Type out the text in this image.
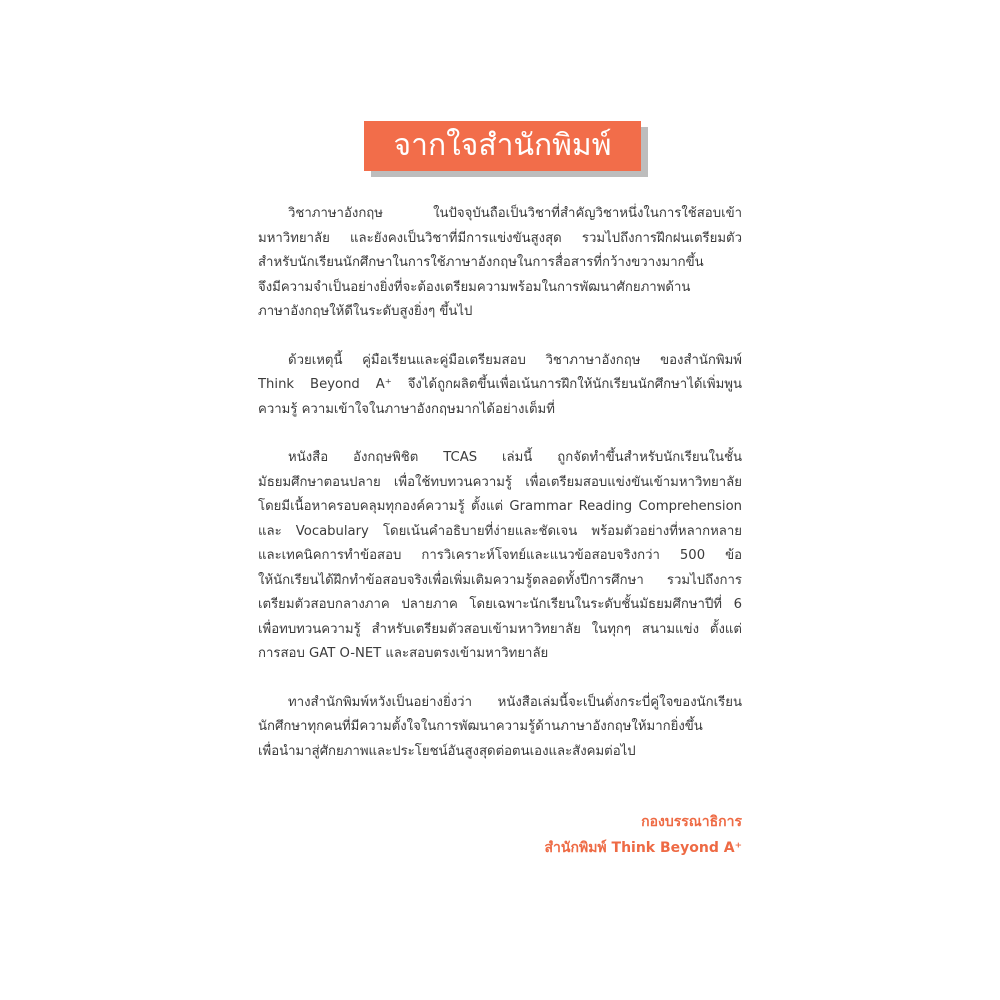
จากใจสำนักพิมพ์

วิชาภาษาอังกฤษ ในปัจจุบันถือเป็นวิชาที่สำคัญวิชาหนึ่งในการใช้สอบเข้า

มหาวิทยาลัย และยังคงเป็นวิชาที่มีการแข่งขันสูงสุด รวมไปถึงการฝึกฝนเตรียมตัว

สำหรับนักเรียนนักศึกษาในการใช้ภาษาอังกฤษในการสื่อสารที่กว้างขวางมากขึ้น

จึงมีความจำเป็นอย่างยิ่งที่จะต้องเตรียมความพร้อมในการพัฒนาศักยภาพด้าน

ภาษาอังกฤษให้ดีในระดับสูงยิ่งๆ ขึ้นไป

ด้วยเหตุนี้ คู่มือเรียนและคู่มือเตรียมสอบ วิชาภาษาอังกฤษ ของสำนักพิมพ์

Think Beyond A⁺ จึงได้ถูกผลิตขึ้นเพื่อเน้นการฝึกให้นักเรียนนักศึกษาได้เพิ่มพูน

ความรู้ ความเข้าใจในภาษาอังกฤษมากได้อย่างเต็มที่

หนังสือ อังกฤษพิชิต TCAS เล่มนี้ ถูกจัดทำขึ้นสำหรับนักเรียนในชั้น

มัธยมศึกษาตอนปลาย เพื่อใช้ทบทวนความรู้ เพื่อเตรียมสอบแข่งขันเข้ามหาวิทยาลัย

โดยมีเนื้อหาครอบคลุมทุกองค์ความรู้ ตั้งแต่ Grammar Reading Comprehension

และ Vocabulary โดยเน้นคำอธิบายที่ง่ายและชัดเจน พร้อมตัวอย่างที่หลากหลาย

และเทคนิคการทำข้อสอบ การวิเคราะห์โจทย์และแนวข้อสอบจริงกว่า 500 ข้อ

ให้นักเรียนได้ฝึกทำข้อสอบจริงเพื่อเพิ่มเติมความรู้ตลอดทั้งปีการศึกษา รวมไปถึงการ

เตรียมตัวสอบกลางภาค ปลายภาค โดยเฉพาะนักเรียนในระดับชั้นมัธยมศึกษาปีที่ 6

เพื่อทบทวนความรู้ สำหรับเตรียมตัวสอบเข้ามหาวิทยาลัย ในทุกๆ สนามแข่ง ตั้งแต่

การสอบ GAT O-NET และสอบตรงเข้ามหาวิทยาลัย

ทางสำนักพิมพ์หวังเป็นอย่างยิ่งว่า หนังสือเล่มนี้จะเป็นดั่งกระบี่คู่ใจของนักเรียน

นักศึกษาทุกคนที่มีความตั้งใจในการพัฒนาความรู้ด้านภาษาอังกฤษให้มากยิ่งขึ้น

เพื่อนำมาสู่ศักยภาพและประโยชน์อันสูงสุดต่อตนเองและสังคมต่อไป

กองบรรณาธิการ
สำนักพิมพ์ Think Beyond A⁺
